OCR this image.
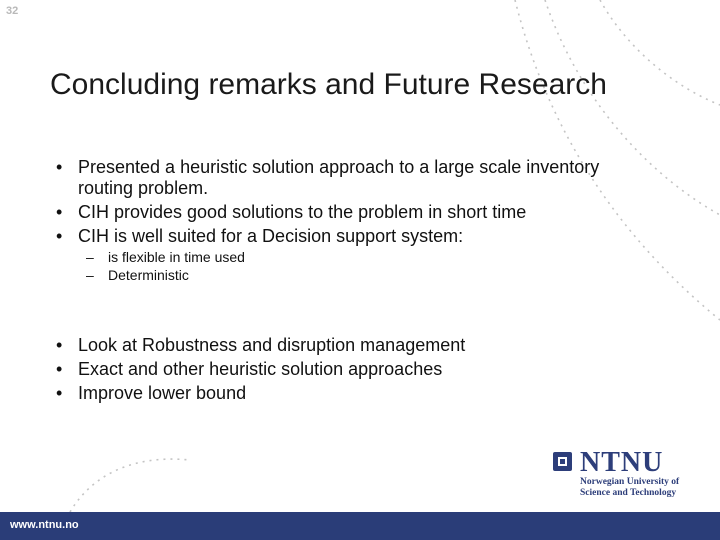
32
Concluding remarks and Future Research
• Presented a heuristic solution approach to a large scale inventory routing problem.
• CIH provides good solutions to the problem in short time
• CIH is well suited for a Decision support system:
– is flexible in time used
– Deterministic
• Look at Robustness and disruption management
• Exact and other heuristic solution approaches
• Improve lower bound
NTNU
Norwegian University of
Science and Technology
www.ntnu.no
